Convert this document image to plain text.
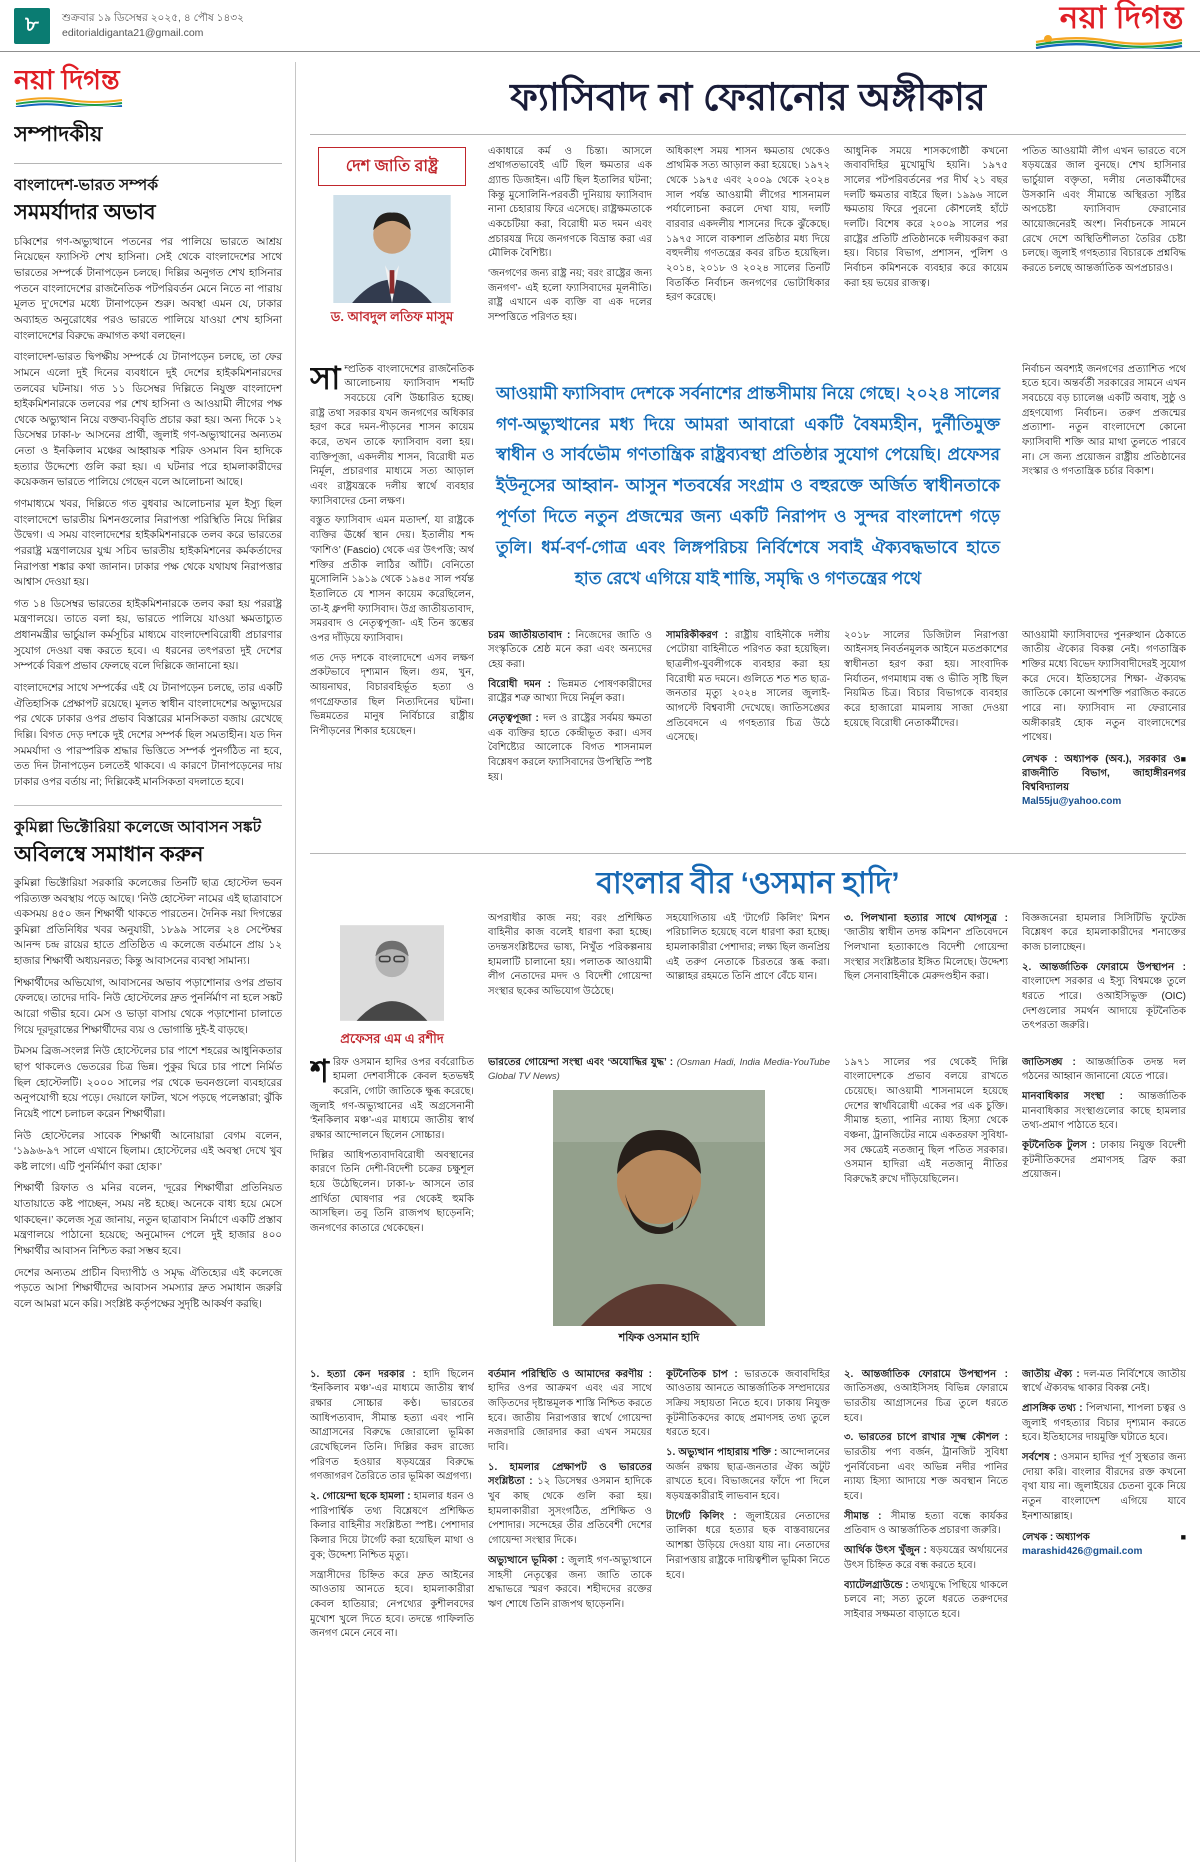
৮	শুক্রবার ১৯ ডিসেম্বর ২০২৫, ৪ পৌষ ১৪৩২
editorialdiganta21@gmail.com	নয়া দিগন্ত
নয়া দিগন্ত
সম্পাদকীয়
বাংলাদেশ-ভারত সম্পর্ক
সমমর্যাদার অভাব

চব্বিশের গণ-অভ্যুত্থানে পতনের পর পালিয়ে ভারতে আশ্রয় নিয়েছেন ফ্যাসিস্ট শেখ হাসিনা। সেই থেকে বাংলাদেশের সাথে ভারতের সম্পর্কে টানাপড়েন চলছে। দিল্লির অনুগত শেখ হাসিনার পতনে বাংলাদেশের রাজনৈতিক পটপরিবর্তন মেনে নিতে না পারায় মূলত দু’দেশের মধ্যে টানাপড়েন শুরু। অবস্থা এমন যে, ঢাকার অব্যাহত অনুরোধের পরও ভারতে পালিয়ে যাওয়া শেখ হাসিনা বাংলাদেশের বিরুদ্ধে ক্রমাগত কথা বলছেন।

বাংলাদেশ-ভারত দ্বিপক্ষীয় সম্পর্কে যে টানাপড়েন চলছে, তা ফের সামনে এলো দুই দিনের ব্যবধানে দুই দেশের হাইকমিশনারদের তলবের ঘটনায়। গত ১১ ডিসেম্বর দিল্লিতে নিযুক্ত বাংলাদেশ হাইকমিশনারকে তলবের পর শেখ হাসিনা ও আওয়ামী লীগের পক্ষ থেকে অভ্যুত্থান নিয়ে বক্তব্য-বিবৃতি প্রচার করা হয়। অন্য দিকে ১২ ডিসেম্বর ঢাকা-৮ আসনের প্রার্থী, জুলাই গণ-অভ্যুত্থানের অন্যতম নেতা ও ইনকিলাব মঞ্চের আহ্বায়ক শরিফ ওসমান বিন হাদিকে হত্যার উদ্দেশ্যে গুলি করা হয়। এ ঘটনার পরে হামলাকারীদের কয়েকজন ভারতে পালিয়ে গেছেন বলে আলোচনা আছে।

গণমাধ্যমে খবর, দিল্লিতে গত বুধবার আলোচনার মূল ইস্যু ছিল বাংলাদেশে ভারতীয় মিশনগুলোর নিরাপত্তা পরিস্থিতি নিয়ে দিল্লির উদ্বেগ। এ সময় বাংলাদেশের হাইকমিশনারকে তলব করে ভারতের পররাষ্ট্র মন্ত্রণালয়ের যুগ্ম সচিব ভারতীয় হাইকমিশনের কর্মকর্তাদের নিরাপত্তা শঙ্কার কথা জানান। ঢাকার পক্ষ থেকে যথাযথ নিরাপত্তার আশ্বাস দেওয়া হয়।

গত ১৪ ডিসেম্বর ভারতের হাইকমিশনারকে তলব করা হয় পররাষ্ট্র মন্ত্রণালয়ে। তাতে বলা হয়, ভারতে পালিয়ে যাওয়া ক্ষমতাচ্যুত প্রধানমন্ত্রীর ভার্চুয়াল কর্মসূচির মাধ্যমে বাংলাদেশবিরোধী প্রচারণার সুযোগ দেওয়া বন্ধ করতে হবে। এ ধরনের তৎপরতা দুই দেশের সম্পর্কে বিরূপ প্রভাব ফেলছে বলে দিল্লিকে জানানো হয়।

বাংলাদেশের সাথে সম্পর্কের এই যে টানাপড়েন চলছে, তার একটি ঐতিহাসিক প্রেক্ষাপট রয়েছে। মূলত স্বাধীন বাংলাদেশের অভ্যুদয়ের পর থেকে ঢাকার ওপর প্রভাব বিস্তারের মানসিকতা বজায় রেখেছে দিল্লি। বিগত দেড় দশকে দুই দেশের সম্পর্ক ছিল সমতাহীন। যত দিন সমমর্যাদা ও পারস্পরিক শ্রদ্ধার ভিত্তিতে সম্পর্ক পুনর্গঠিত না হবে, তত দিন টানাপড়েন চলতেই থাকবে। এ কারণে টানাপড়েনের দায় ঢাকার ওপর বর্তায় না; দিল্লিকেই মানসিকতা বদলাতে হবে।

কুমিল্লা ভিক্টোরিয়া কলেজে আবাসন সঙ্কট
অবিলম্বে সমাধান করুন

কুমিল্লা ভিক্টোরিয়া সরকারি কলেজের তিনটি ছাত্র হোস্টেল ভবন পরিত্যক্ত অবস্থায় পড়ে আছে। ‘নিউ হোস্টেল’ নামের এই ছাত্রাবাসে একসময় ৪৫০ জন শিক্ষার্থী থাকতে পারতেন। দৈনিক নয়া দিগন্তের কুমিল্লা প্রতিনিধির খবর অনুযায়ী, ১৮৯৯ সালের ২৪ সেপ্টেম্বর আনন্দ চন্দ্র রায়ের হাতে প্রতিষ্ঠিত এ কলেজে বর্তমানে প্রায় ১২ হাজার শিক্ষার্থী অধ্যয়নরত; কিন্তু আবাসনের ব্যবস্থা সামান্য।

শিক্ষার্থীদের অভিযোগ, আবাসনের অভাব পড়াশোনার ওপর প্রভাব ফেলছে। তাদের দাবি- নিউ হোস্টেলের দ্রুত পুনর্নির্মাণ না হলে সঙ্কট আরো গভীর হবে। মেস ও ভাড়া বাসায় থেকে পড়াশোনা চালাতে গিয়ে দূরদূরান্তের শিক্ষার্থীদের ব্যয় ও ভোগান্তি দুই-ই বাড়ছে।

টমসম ব্রিজ-সংলগ্ন নিউ হোস্টেলের চার পাশে শহরের আধুনিকতার ছাপ থাকলেও ভেতরের চিত্র ভিন্ন। পুকুর ঘিরে চার পাশে নির্মিত ছিল হোস্টেলটি। ২০০০ সালের পর থেকে ভবনগুলো ব্যবহারের অনুপযোগী হয়ে পড়ে। দেয়ালে ফাটল, খসে পড়ছে পলেস্তারা; ঝুঁকি নিয়েই পাশে চলাচল করেন শিক্ষার্থীরা।

নিউ হোস্টেলের সাবেক শিক্ষার্থী আনোয়ারা বেগম বলেন, ‘১৯৯৬-৯৭ সালে এখানে ছিলাম। হোস্টেলের এই অবস্থা দেখে খুব কষ্ট লাগে। এটি পুনর্নির্মাণ করা হোক।’

শিক্ষার্থী রিফাত ও মনির বলেন, ‘দূরের শিক্ষার্থীরা প্রতিনিয়ত যাতায়াতে কষ্ট পাচ্ছেন, সময় নষ্ট হচ্ছে। অনেকে বাধ্য হয়ে মেসে থাকছেন।’ কলেজ সূত্র জানায়, নতুন ছাত্রাবাস নির্মাণে একটি প্রস্তাব মন্ত্রণালয়ে পাঠানো হয়েছে; অনুমোদন পেলে দুই হাজার ৪০০ শিক্ষার্থীর আবাসন নিশ্চিত করা সম্ভব হবে।

দেশের অন্যতম প্রাচীন বিদ্যাপীঠ ও সমৃদ্ধ ঐতিহ্যের এই কলেজে পড়তে আসা শিক্ষার্থীদের আবাসন সমস্যার দ্রুত সমাধান জরুরি বলে আমরা মনে করি। সংশ্লিষ্ট কর্তৃপক্ষের সুদৃষ্টি আকর্ষণ করছি।

ফ্যাসিবাদ না ফেরানোর অঙ্গীকার
দেশ জাতি রাষ্ট্র
ড. আবদুল লতিফ মাসুম

একাধারে কর্ম ও চিন্তা। আসলে প্রথাগতভাবেই এটি ছিল ক্ষমতার এক গ্র্যান্ড ডিজাইন। এটি ছিল ইতালির ঘটনা; কিন্তু মুসোলিনি-পরবর্তী দুনিয়ায় ফ্যাসিবাদ নানা চেহারায় ফিরে এসেছে। রাষ্ট্রক্ষমতাকে একচেটিয়া করা, বিরোধী মত দমন এবং প্রচারযন্ত্র দিয়ে জনগণকে বিভ্রান্ত করা এর মৌলিক বৈশিষ্ট্য।

‘জনগণের জন্য রাষ্ট্র নয়; বরং রাষ্ট্রের জন্য জনগণ’- এই হলো ফ্যাসিবাদের মূলনীতি। রাষ্ট্র এখানে এক ব্যক্তি বা এক দলের সম্পত্তিতে পরিণত হয়।

অধিকাংশ সময় শাসন ক্ষমতায় থেকেও প্রাথমিক সত্য আড়াল করা হয়েছে। ১৯৭২ থেকে ১৯৭৫ এবং ২০০৯ থেকে ২০২৪ সাল পর্যন্ত আওয়ামী লীগের শাসনামল পর্যালোচনা করলে দেখা যায়, দলটি বারবার একদলীয় শাসনের দিকে ঝুঁকেছে। ১৯৭৫ সালে বাকশাল প্রতিষ্ঠার মধ্য দিয়ে বহুদলীয় গণতন্ত্রের কবর রচিত হয়েছিল। ২০১৪, ২০১৮ ও ২০২৪ সালের তিনটি বিতর্কিত নির্বাচন জনগণের ভোটাধিকার হরণ করেছে।

আধুনিক সময়ে শাসকগোষ্ঠী কখনো জবাবদিহির মুখোমুখি হয়নি। ১৯৭৫ সালের পটপরিবর্তনের পর দীর্ঘ ২১ বছর দলটি ক্ষমতার বাইরে ছিল। ১৯৯৬ সালে ক্ষমতায় ফিরে পুরনো কৌশলেই হাঁটে দলটি। বিশেষ করে ২০০৯ সালের পর রাষ্ট্রের প্রতিটি প্রতিষ্ঠানকে দলীয়করণ করা হয়। বিচার বিভাগ, প্রশাসন, পুলিশ ও নির্বাচন কমিশনকে ব্যবহার করে কায়েম করা হয় ভয়ের রাজত্ব।

পতিত আওয়ামী লীগ এখন ভারতে বসে ষড়যন্ত্রের জাল বুনছে। শেখ হাসিনার ভার্চুয়াল বক্তৃতা, দলীয় নেতাকর্মীদের উসকানি এবং সীমান্তে অস্থিরতা সৃষ্টির অপচেষ্টা ফ্যাসিবাদ ফেরানোর আয়োজনেরই অংশ। নির্বাচনকে সামনে রেখে দেশে অস্থিতিশীলতা তৈরির চেষ্টা চলছে। জুলাই গণহত্যার বিচারকে প্রশ্নবিদ্ধ করতে চলছে আন্তর্জাতিক অপপ্রচারও।

সাম্প্রতিক বাংলাদেশের রাজনৈতিক আলোচনায় ফ্যাসিবাদ শব্দটি সবচেয়ে বেশি উচ্চারিত হচ্ছে। রাষ্ট্র তথা সরকার যখন জনগণের অধিকার হরণ করে দমন-পীড়নের শাসন কায়েম করে, তখন তাকে ফ্যাসিবাদ বলা হয়। ব্যক্তিপূজা, একদলীয় শাসন, বিরোধী মত নির্মূল, প্রচারণার মাধ্যমে সত্য আড়াল এবং রাষ্ট্রযন্ত্রকে দলীয় স্বার্থে ব্যবহার ফ্যাসিবাদের চেনা লক্ষণ।

বস্তুত ফ্যাসিবাদ এমন মতাদর্শ, যা রাষ্ট্রকে ব্যক্তির ঊর্ধ্বে স্থান দেয়। ইতালীয় শব্দ ‘ফাশিও’ (Fascio) থেকে এর উৎপত্তি; অর্থ শক্তির প্রতীক লাঠির আঁটি। বেনিতো মুসোলিনি ১৯১৯ থেকে ১৯৪৫ সাল পর্যন্ত ইতালিতে যে শাসন কায়েম করেছিলেন, তা-ই ধ্রুপদী ফ্যাসিবাদ। উগ্র জাতীয়তাবাদ, সমরবাদ ও নেতৃত্বপূজা- এই তিন স্তম্ভের ওপর দাঁড়িয়ে ফ্যাসিবাদ।

গত দেড় দশকে বাংলাদেশে এসব লক্ষণ প্রকটভাবে দৃশ্যমান ছিল। গুম, খুন, আয়নাঘর, বিচারবহির্ভূত হত্যা ও গণগ্রেফতার ছিল নিত্যদিনের ঘটনা। ভিন্নমতের মানুষ নির্বিচারে রাষ্ট্রীয় নিপীড়নের শিকার হয়েছেন।

আওয়ামী ফ্যাসিবাদ দেশকে সর্বনাশের প্রান্তসীমায় নিয়ে গেছে। ২০২৪ সালের গণ-অভ্যুত্থানের মধ্য দিয়ে আমরা আবারো একটি বৈষম্যহীন, দুর্নীতিমুক্ত স্বাধীন ও সার্বভৌম গণতান্ত্রিক রাষ্ট্রব্যবস্থা প্রতিষ্ঠার সুযোগ পেয়েছি। প্রফেসর ইউনূসের আহ্বান- আসুন শতবর্ষের সংগ্রাম ও বহুরক্তে অর্জিত স্বাধীনতাকে পূর্ণতা দিতে নতুন প্রজন্মের জন্য একটি নিরাপদ ও সুন্দর বাংলাদেশ গড়ে তুলি। ধর্ম-বর্ণ-গোত্র এবং লিঙ্গপরিচয় নির্বিশেষে সবাই ঐক্যবদ্ধভাবে হাতে হাত রেখে এগিয়ে যাই শান্তি, সমৃদ্ধি ও গণতন্ত্রের পথে

নির্বাচন অবশ্যই জনগণের প্রত্যাশিত পথে হতে হবে। অন্তর্বর্তী সরকারের সামনে এখন সবচেয়ে বড় চ্যালেঞ্জ একটি অবাধ, সুষ্ঠু ও গ্রহণযোগ্য নির্বাচন। তরুণ প্রজন্মের প্রত্যাশা- নতুন বাংলাদেশে কোনো ফ্যাসিবাদী শক্তি আর মাথা তুলতে পারবে না। সে জন্য প্রয়োজন রাষ্ট্রীয় প্রতিষ্ঠানের সংস্কার ও গণতান্ত্রিক চর্চার বিকাশ।

চরম জাতীয়তাবাদ : নিজেদের জাতি ও সংস্কৃতিকে শ্রেষ্ঠ মনে করা এবং অন্যদের হেয় করা।

বিরোধী দমন : ভিন্নমত পোষণকারীদের রাষ্ট্রের শত্রু আখ্যা দিয়ে নির্মূল করা।

নেতৃত্বপূজা : দল ও রাষ্ট্রের সর্বময় ক্ষমতা এক ব্যক্তির হাতে কেন্দ্রীভূত করা। এসব বৈশিষ্ট্যের আলোকে বিগত শাসনামল বিশ্লেষণ করলে ফ্যাসিবাদের উপস্থিতি স্পষ্ট হয়।

সামরিকীকরণ : রাষ্ট্রীয় বাহিনীকে দলীয় পেটোয়া বাহিনীতে পরিণত করা হয়েছিল। ছাত্রলীগ-যুবলীগকে ব্যবহার করা হয় বিরোধী মত দমনে। গুলিতে শত শত ছাত্র-জনতার মৃত্যু ২০২৪ সালের জুলাই-আগস্টে বিশ্ববাসী দেখেছে। জাতিসঙ্ঘের প্রতিবেদনে এ গণহত্যার চিত্র উঠে এসেছে।

২০১৮ সালের ডিজিটাল নিরাপত্তা আইনসহ নিবর্তনমূলক আইনে মতপ্রকাশের স্বাধীনতা হরণ করা হয়। সাংবাদিক নির্যাতন, গণমাধ্যম বন্ধ ও ভীতি সৃষ্টি ছিল নিয়মিত চিত্র। বিচার বিভাগকে ব্যবহার করে হাজারো মামলায় সাজা দেওয়া হয়েছে বিরোধী নেতাকর্মীদের।

আওয়ামী ফ্যাসিবাদের পুনরুত্থান ঠেকাতে জাতীয় ঐক্যের বিকল্প নেই। গণতান্ত্রিক শক্তির মধ্যে বিভেদ ফ্যাসিবাদীদেরই সুযোগ করে দেবে। ইতিহাসের শিক্ষা- ঐক্যবদ্ধ জাতিকে কোনো অপশক্তি পরাজিত করতে পারে না। ফ্যাসিবাদ না ফেরানোর অঙ্গীকারই হোক নতুন বাংলাদেশের পাথেয়।

■
লেখক : অধ্যাপক (অব.), সরকার ও রাজনীতি বিভাগ, জাহাঙ্গীরনগর বিশ্ববিদ্যালয়
Mal55ju@yahoo.com
বাংলার বীর ‘ওসমান হাদি’
প্রফেসর এম এ রশীদ

অপরাধীর কাজ নয়; বরং প্রশিক্ষিত বাহিনীর কাজ বলেই ধারণা করা হচ্ছে। তদন্তসংশ্লিষ্টদের ভাষ্য, নিখুঁত পরিকল্পনায় হামলাটি চালানো হয়। পলাতক আওয়ামী লীগ নেতাদের মদদ ও বিদেশী গোয়েন্দা সংস্থার ছকের অভিযোগ উঠেছে।

সহযোগিতায় এই ‘টার্গেট কিলিং’ মিশন পরিচালিত হয়েছে বলে ধারণা করা হচ্ছে। হামলাকারীরা পেশাদার; লক্ষ্য ছিল জনপ্রিয় এই তরুণ নেতাকে চিরতরে স্তব্ধ করা। আল্লাহর রহমতে তিনি প্রাণে বেঁচে যান।

৩. পিলখানা হত্যার সাথে যোগসূত্র : ‘জাতীয় স্বাধীন তদন্ত কমিশন’ প্রতিবেদনে পিলখানা হত্যাকাণ্ডে বিদেশী গোয়েন্দা সংস্থার সংশ্লিষ্টতার ইঙ্গিত মিলেছে। উদ্দেশ্য ছিল সেনাবাহিনীকে মেরুদণ্ডহীন করা।

বিজ্ঞজনেরা হামলার সিসিটিভি ফুটেজ বিশ্লেষণ করে হামলাকারীদের শনাক্তের কাজ চালাচ্ছেন।

২. আন্তর্জাতিক ফোরামে উপস্থাপন : বাংলাদেশ সরকার এ ইস্যু বিশ্বমঞ্চে তুলে ধরতে পারে। ওআইসিভুক্ত (OIC) দেশগুলোর সমর্থন আদায়ে কূটনৈতিক তৎপরতা জরুরি।

শরিফ ওসমান হাদির ওপর বর্বরোচিত হামলা দেশবাসীকে কেবল হতভম্বই করেনি, গোটা জাতিকে ক্ষুব্ধ করেছে। জুলাই গণ-অভ্যুত্থানের এই অগ্রসেনানী ‘ইনকিলাব মঞ্চ’-এর মাধ্যমে জাতীয় স্বার্থ রক্ষার আন্দোলনে ছিলেন সোচ্চার।

দিল্লির আধিপত্যবাদবিরোধী অবস্থানের কারণে তিনি দেশী-বিদেশী চক্রের চক্ষুশূল হয়ে উঠেছিলেন। ঢাকা-৮ আসনে তার প্রার্থিতা ঘোষণার পর থেকেই হুমকি আসছিল। তবু তিনি রাজপথ ছাড়েননি; জনগণের কাতারে থেকেছেন।

ভারতের গোয়েন্দা সংস্থা এবং ‘অযোদ্ধির যুদ্ধ’ : (Osman Hadi, India Media-YouTube Global TV News)

শফিক ওসমান হাদি

১৯৭১ সালের পর থেকেই দিল্লি বাংলাদেশকে প্রভাব বলয়ে রাখতে চেয়েছে। আওয়ামী শাসনামলে হয়েছে দেশের স্বার্থবিরোধী একের পর এক চুক্তি। সীমান্ত হত্যা, পানির ন্যায্য হিস্যা থেকে বঞ্চনা, ট্রানজিটের নামে একতরফা সুবিধা- সব ক্ষেত্রেই নতজানু ছিল পতিত সরকার। ওসমান হাদিরা এই নতজানু নীতির বিরুদ্ধেই রুখে দাঁড়িয়েছিলেন।

জাতিসঙ্ঘ : আন্তর্জাতিক তদন্ত দল গঠনের আহ্বান জানানো যেতে পারে।

মানবাধিকার সংস্থা : আন্তর্জাতিক মানবাধিকার সংস্থাগুলোর কাছে হামলার তথ্য-প্রমাণ পাঠাতে হবে।

কূটনৈতিক টুলস : ঢাকায় নিযুক্ত বিদেশী কূটনীতিকদের প্রমাণসহ ব্রিফ করা প্রয়োজন।

১. হত্যা কেন দরকার : হাদি ছিলেন ‘ইনকিলাব মঞ্চ’-এর মাধ্যমে জাতীয় স্বার্থ রক্ষার সোচ্চার কণ্ঠ। ভারতের আধিপত্যবাদ, সীমান্ত হত্যা এবং পানি আগ্রাসনের বিরুদ্ধে জোরালো ভূমিকা রেখেছিলেন তিনি। দিল্লির করদ রাজ্যে পরিণত হওয়ার ষড়যন্ত্রের বিরুদ্ধে গণজাগরণ তৈরিতে তার ভূমিকা অগ্রগণ্য।

২. গোয়েন্দা ছকে হামলা : হামলার ধরন ও পারিপার্শ্বিক তথ্য বিশ্লেষণে প্রশিক্ষিত কিলার বাহিনীর সংশ্লিষ্টতা স্পষ্ট। পেশাদার কিলার দিয়ে টার্গেট করা হয়েছিল মাথা ও বুক; উদ্দেশ্য নিশ্চিত মৃত্যু।

সন্ত্রাসীদের চিহ্নিত করে দ্রুত আইনের আওতায় আনতে হবে। হামলাকারীরা কেবল হাতিয়ার; নেপথ্যের কুশীলবদের মুখোশ খুলে দিতে হবে। তদন্তে গাফিলতি জনগণ মেনে নেবে না।

বর্তমান পরিস্থিতি ও আমাদের করণীয় : হাদির ওপর আক্রমণ এবং এর সাথে জড়িতদের দৃষ্টান্তমূলক শাস্তি নিশ্চিত করতে হবে। জাতীয় নিরাপত্তার স্বার্থে গোয়েন্দা নজরদারি জোরদার করা এখন সময়ের দাবি।

১. হামলার প্রেক্ষাপট ও ভারতের সংশ্লিষ্টতা : ১২ ডিসেম্বর ওসমান হাদিকে খুব কাছ থেকে গুলি করা হয়। হামলাকারীরা সুসংগঠিত, প্রশিক্ষিত ও পেশাদার। সন্দেহের তীর প্রতিবেশী দেশের গোয়েন্দা সংস্থার দিকে।

অভ্যুত্থানে ভূমিকা : জুলাই গণ-অভ্যুত্থানে সাহসী নেতৃত্বের জন্য জাতি তাকে শ্রদ্ধাভরে স্মরণ করবে। শহীদদের রক্তের ঋণ শোধে তিনি রাজপথ ছাড়েননি।

কূটনৈতিক চাপ : ভারতকে জবাবদিহির আওতায় আনতে আন্তর্জাতিক সম্প্রদায়ের সক্রিয় সহায়তা নিতে হবে। ঢাকায় নিযুক্ত কূটনীতিকদের কাছে প্রমাণসহ তথ্য তুলে ধরতে হবে।

১. অভ্যুত্থান পাহারায় শক্তি : আন্দোলনের অর্জন রক্ষায় ছাত্র-জনতার ঐক্য অটুট রাখতে হবে। বিভাজনের ফাঁদে পা দিলে ষড়যন্ত্রকারীরাই লাভবান হবে।

টার্গেট কিলিং : জুলাইয়ের নেতাদের তালিকা ধরে হত্যার ছক বাস্তবায়নের আশঙ্কা উড়িয়ে দেওয়া যায় না। নেতাদের নিরাপত্তায় রাষ্ট্রকে দায়িত্বশীল ভূমিকা নিতে হবে।

২. আন্তর্জাতিক ফোরামে উপস্থাপন : জাতিসঙ্ঘ, ওআইসিসহ বিভিন্ন ফোরামে ভারতীয় আগ্রাসনের চিত্র তুলে ধরতে হবে।

৩. ভারতের চাপে রাখার সূক্ষ্ম কৌশল : ভারতীয় পণ্য বর্জন, ট্রানজিট সুবিধা পুনর্বিবেচনা এবং অভিন্ন নদীর পানির ন্যায্য হিস্যা আদায়ে শক্ত অবস্থান নিতে হবে।

সীমান্ত : সীমান্ত হত্যা বন্ধে কার্যকর প্রতিবাদ ও আন্তর্জাতিক প্রচারণা জরুরি।

আর্থিক উৎস খুঁজুন : ষড়যন্ত্রের অর্থায়নের উৎস চিহ্নিত করে বন্ধ করতে হবে।

ব্যাটেলগ্রাউন্ডে : তথ্যযুদ্ধে পিছিয়ে থাকলে চলবে না; সত্য তুলে ধরতে তরুণদের সাইবার সক্ষমতা বাড়াতে হবে।

জাতীয় ঐক্য : দল-মত নির্বিশেষে জাতীয় স্বার্থে ঐক্যবদ্ধ থাকার বিকল্প নেই।

প্রাসঙ্গিক তথ্য : পিলখানা, শাপলা চত্বর ও জুলাই গণহত্যার বিচার দৃশ্যমান করতে হবে। ইতিহাসের দায়মুক্তি ঘটাতে হবে।

সর্বশেষ : ওসমান হাদির পূর্ণ সুস্থতার জন্য দোয়া করি। বাংলার বীরদের রক্ত কখনো বৃথা যায় না। জুলাইয়ের চেতনা বুকে নিয়ে নতুন বাংলাদেশ এগিয়ে যাবে ইনশাআল্লাহ।

■
লেখক : অধ্যাপক
marashid426@gmail.com
